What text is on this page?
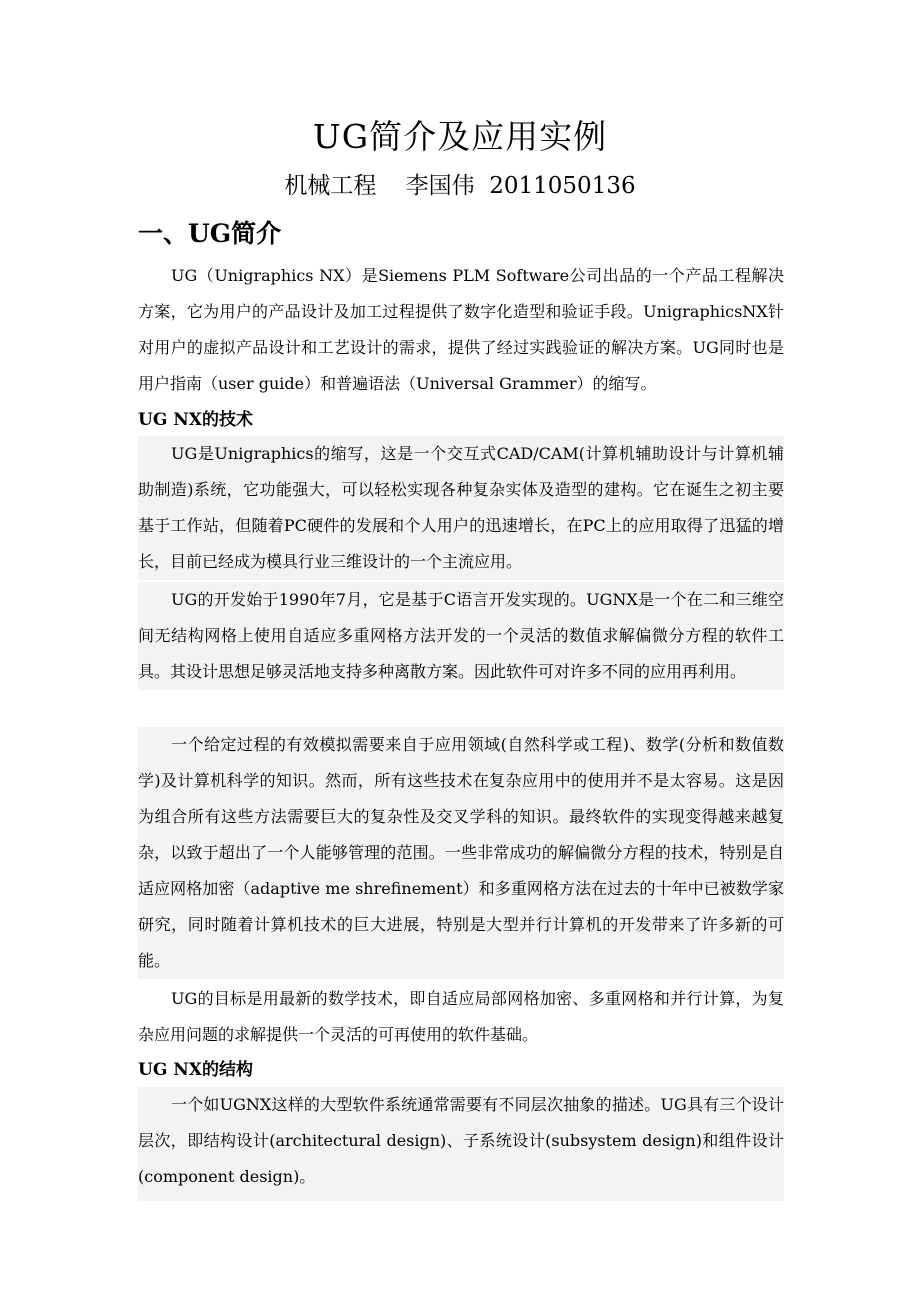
UG简介及应用实例
机械工程    李国伟  2011050136
一、UG简介

UG（Unigraphics NX）是Siemens PLM Software公司出品的一个产品工程解决方案，它为用户的产品设计及加工过程提供了数字化造型和验证手段。UnigraphicsNX针对用户的虚拟产品设计和工艺设计的需求，提供了经过实践验证的解决方案。UG同时也是用户指南（user guide）和普遍语法（Universal Grammer）的缩写。

UG NX的技术

UG是Unigraphics的缩写，这是一个交互式CAD/CAM(计算机辅助设计与计算机辅助制造)系统，它功能强大，可以轻松实现各种复杂实体及造型的建构。它在诞生之初主要基于工作站，但随着PC硬件的发展和个人用户的迅速增长，在PC上的应用取得了迅猛的增长，目前已经成为模具行业三维设计的一个主流应用。

UG的开发始于1990年7月，它是基于C语言开发实现的。UGNX是一个在二和三维空间无结构网格上使用自适应多重网格方法开发的一个灵活的数值求解偏微分方程的软件工具。其设计思想足够灵活地支持多种离散方案。因此软件可对许多不同的应用再利用。

一个给定过程的有效模拟需要来自于应用领域(自然科学或工程)、数学(分析和数值数学)及计算机科学的知识。然而，所有这些技术在复杂应用中的使用并不是太容易。这是因为组合所有这些方法需要巨大的复杂性及交叉学科的知识。最终软件的实现变得越来越复杂，以致于超出了一个人能够管理的范围。一些非常成功的解偏微分方程的技术，特别是自适应网格加密（adaptive me shrefinement）和多重网格方法在过去的十年中已被数学家研究，同时随着计算机技术的巨大进展，特别是大型并行计算机的开发带来了许多新的可能。

UG的目标是用最新的数学技术，即自适应局部网格加密、多重网格和并行计算，为复杂应用问题的求解提供一个灵活的可再使用的软件基础。

UG NX的结构

一个如UGNX这样的大型软件系统通常需要有不同层次抽象的描述。UG具有三个设计层次，即结构设计(architectural design)、子系统设计(subsystem design)和组件设计(component design)。
